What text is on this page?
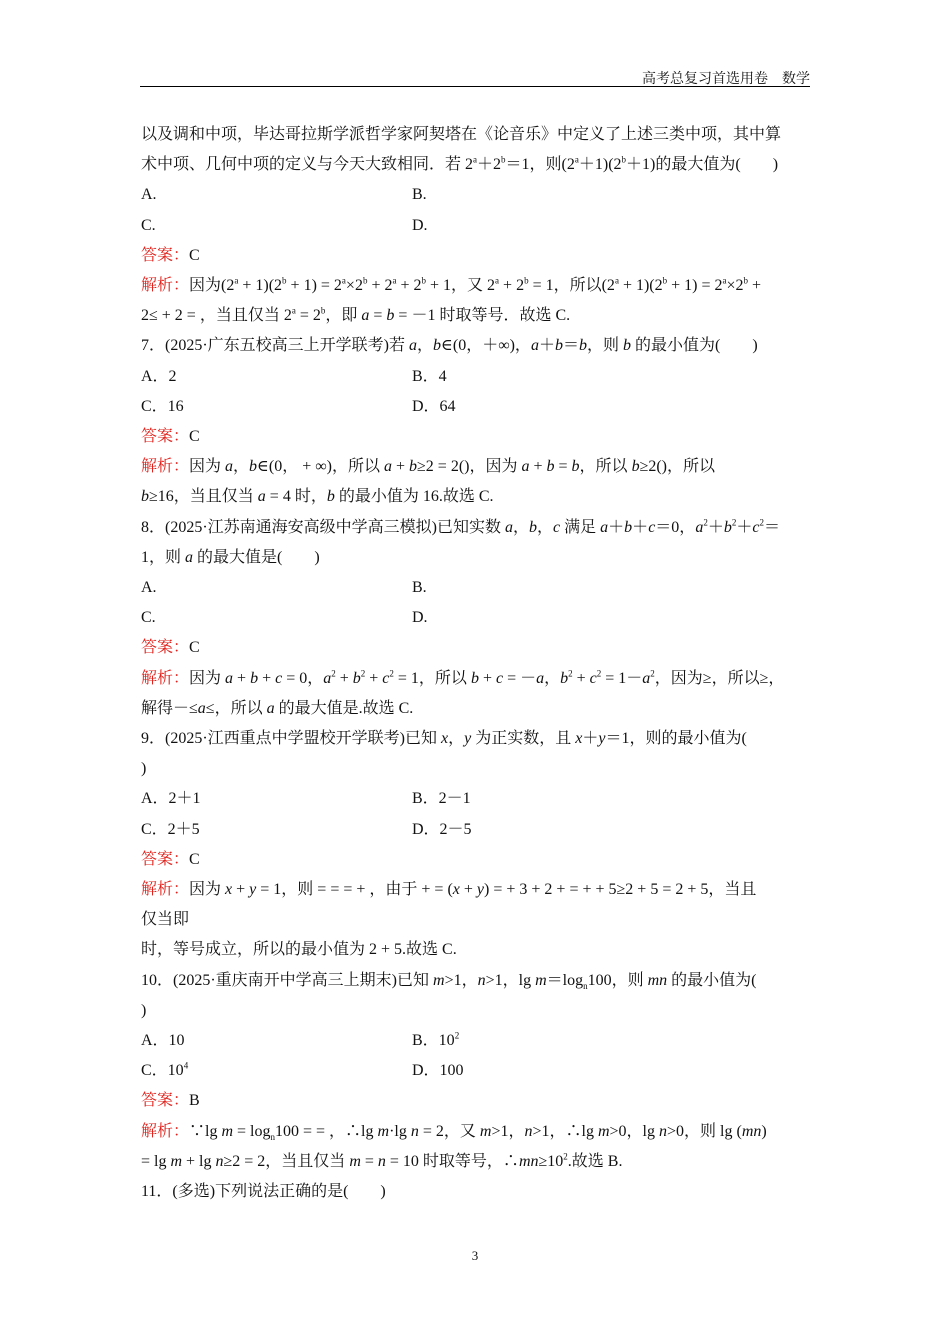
高考总复习首选用卷　数学
以及调和中项，毕达哥拉斯学派哲学家阿契塔在《论音乐》中定义了上述三类中项，其中算
术中项、几何中项的定义与今天大致相同．若 $2^a+2^b=1$，则$(2^a+1)(2^b+1)$的最大值为(　　)
A.	B.
C.	D.
答案：C
解析：因为$(2^a + 1)(2^b + 1) = 2^a\times 2^b + 2^a + 2^b + 1$，又 $2^a + 2^b = 1$，所以$(2^a + 1)(2^b + 1) = 2^a\times 2^b$ +
2≤ + 2 = ，当且仅当 $2^a = 2^b$，即 a = b = －1 时取等号．故选 C.
7．(2025·广东五校高三上开学联考)若 a，b∈(0，＋∞)，a＋b＝b，则 b 的最小值为(　　)
A．2	B．4
C．16	D．64
答案：C
解析：因为 a，b∈(0， + ∞)，所以 a + b≥2 = 2()，因为 a + b = b，所以 b≥2()，所以
b≥16，当且仅当 a = 4 时，b 的最小值为 16.故选 C.
8．(2025·江苏南通海安高级中学高三模拟)已知实数 a，b，c 满足 a＋b＋c＝0，$a^2+b^2+c^2=$
1，则 a 的最大值是(　　)
A.	B.
C.	D.
答案：C
解析：因为 a + b + c = 0，$a^2 + b^2 + c^2 = 1$，所以 b + c = －a，$b^2 + c^2 = 1-a^2$，因为≥，所以≥，
解得－≤a≤，所以 a 的最大值是.故选 C.
9．(2025·江西重点中学盟校开学联考)已知 x，y 为正实数，且 x＋y＝1，则的最小值为(
)
A．2＋1	B．2－1
C．2＋5	D．2－5
答案：C
解析：因为 x + y = 1，则 = = = + ，由于 + = (x + y) = + 3 + 2 + = + + 5≥2 + 5 = 2 + 5，当且
仅当即
时，等号成立，所以的最小值为 2 + 5.故选 C.
10．(2025·重庆南开中学高三上期末)已知 m>1，n>1，$\lg m=\log_n100$，则 mn 的最小值为(
)
A．10	B．$10^2$
C．$10^4$	D．100
答案：B
解析：∵lg $m = \log_n100$ = = ，∴lg m·lg n = 2，又 m>1，n>1，∴lg m>0，lg n>0，则 lg (mn)
= lg m + lg n≥2 = 2，当且仅当 m = n = 10 时取等号，$\therefore mn\ge 10^2$.故选 B.
11．(多选)下列说法正确的是(　　)
3
